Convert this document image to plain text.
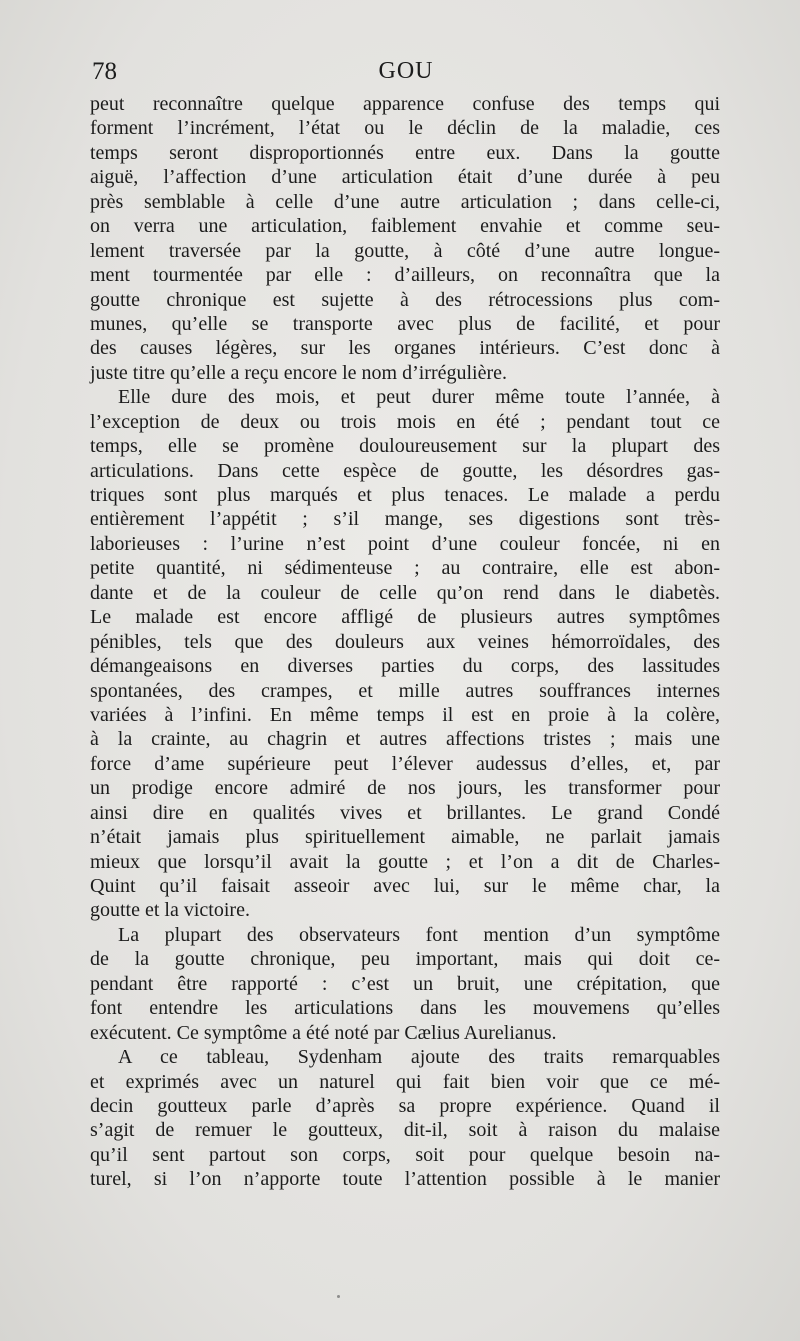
78	GOU
peut reconnaître quelque apparence confuse des temps qui
forment l’incrément, l’état ou le déclin de la maladie, ces
temps seront disproportionnés entre eux. Dans la goutte
aiguë, l’affection d’une articulation était d’une durée à peu
près semblable à celle d’une autre articulation ; dans celle-ci,
on verra une articulation, faiblement envahie et comme seu-
lement traversée par la goutte, à côté d’une autre longue-
ment tourmentée par elle : d’ailleurs, on reconnaîtra que la
goutte chronique est sujette à des rétrocessions plus com-
munes, qu’elle se transporte avec plus de facilité, et pour
des causes légères, sur les organes intérieurs. C’est donc à
juste titre qu’elle a reçu encore le nom d’irrégulière.
Elle dure des mois, et peut durer même toute l’année, à
l’exception de deux ou trois mois en été ; pendant tout ce
temps, elle se promène douloureusement sur la plupart des
articulations. Dans cette espèce de goutte, les désordres gas-
triques sont plus marqués et plus tenaces. Le malade a perdu
entièrement l’appétit ; s’il mange, ses digestions sont très-
laborieuses : l’urine n’est point d’une couleur foncée, ni en
petite quantité, ni sédimenteuse ; au contraire, elle est abon-
dante et de la couleur de celle qu’on rend dans le diabetès.
Le malade est encore affligé de plusieurs autres symptômes
pénibles, tels que des douleurs aux veines hémorroïdales, des
démangeaisons en diverses parties du corps, des lassitudes
spontanées, des crampes, et mille autres souffrances internes
variées à l’infini. En même temps il est en proie à la colère,
à la crainte, au chagrin et autres affections tristes ; mais une
force d’ame supérieure peut l’élever audessus d’elles, et, par
un prodige encore admiré de nos jours, les transformer pour
ainsi dire en qualités vives et brillantes. Le grand Condé
n’était jamais plus spirituellement aimable, ne parlait jamais
mieux que lorsqu’il avait la goutte ; et l’on a dit de Charles-
Quint qu’il faisait asseoir avec lui, sur le même char, la
goutte et la victoire.
La plupart des observateurs font mention d’un symptôme
de la goutte chronique, peu important, mais qui doit ce-
pendant être rapporté : c’est un bruit, une crépitation, que
font entendre les articulations dans les mouvemens qu’elles
exécutent. Ce symptôme a été noté par Cælius Aurelianus.
A ce tableau, Sydenham ajoute des traits remarquables
et exprimés avec un naturel qui fait bien voir que ce mé-
decin goutteux parle d’après sa propre expérience. Quand il
s’agit de remuer le goutteux, dit-il, soit à raison du malaise
qu’il sent partout son corps, soit pour quelque besoin na-
turel, si l’on n’apporte toute l’attention possible à le manier
